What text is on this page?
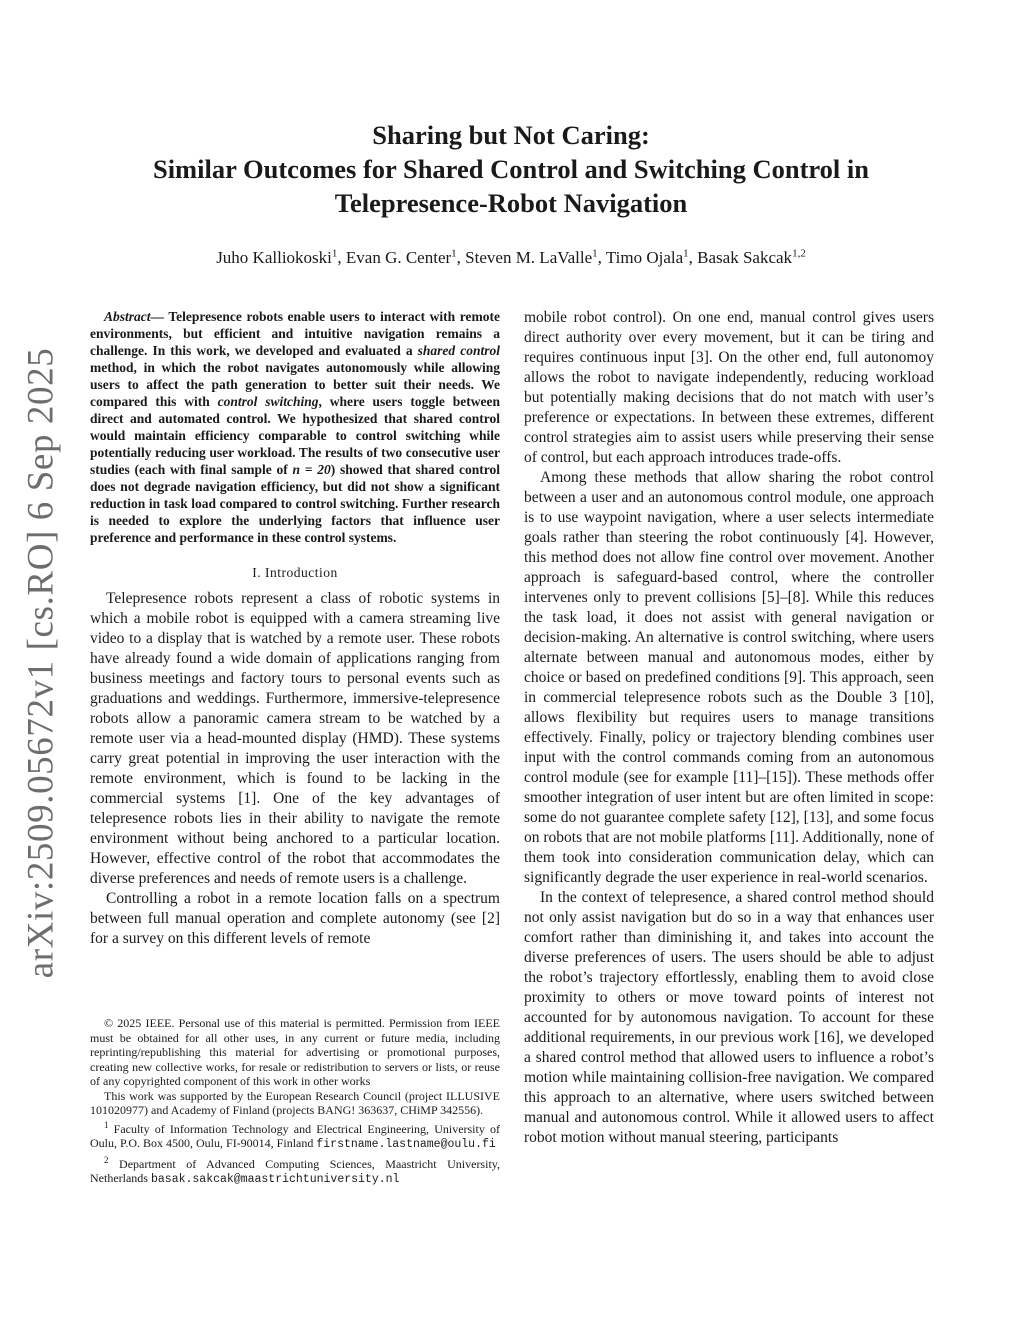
arXiv:2509.05672v1 [cs.RO] 6 Sep 2025
Sharing but Not Caring:
Similar Outcomes for Shared Control and Switching Control in
Telepresence-Robot Navigation
Juho Kalliokoski$^1$, Evan G. Center$^1$, Steven M. LaValle$^1$, Timo Ojala$^1$, Basak Sakcak$^{1,2}$

Abstract— Telepresence robots enable users to interact with remote environments, but efficient and intuitive navigation remains a challenge. In this work, we developed and evaluated a shared control method, in which the robot navigates autonomously while allowing users to affect the path generation to better suit their needs. We compared this with control switching, where users toggle between direct and automated control. We hypothesized that shared control would maintain efficiency comparable to control switching while potentially reducing user workload. The results of two consecutive user studies (each with final sample of n = 20) showed that shared control does not degrade navigation efficiency, but did not show a significant reduction in task load compared to control switching. Further research is needed to explore the underlying factors that influence user preference and performance in these control systems.

I. Introduction

Telepresence robots represent a class of robotic systems in which a mobile robot is equipped with a camera streaming live video to a display that is watched by a remote user. These robots have already found a wide domain of applications ranging from business meetings and factory tours to personal events such as graduations and weddings. Furthermore, immersive-telepresence robots allow a panoramic camera stream to be watched by a remote user via a head-mounted display (HMD). These systems carry great potential in improving the user interaction with the remote environment, which is found to be lacking in the commercial systems [1]. One of the key advantages of telepresence robots lies in their ability to navigate the remote environment without being anchored to a particular location. However, effective control of the robot that accommodates the diverse preferences and needs of remote users is a challenge.

Controlling a robot in a remote location falls on a spectrum between full manual operation and complete autonomy (see [2] for a survey on this different levels of remote

© 2025 IEEE. Personal use of this material is permitted. Permission from IEEE must be obtained for all other uses, in any current or future media, including reprinting/republishing this material for advertising or promotional purposes, creating new collective works, for resale or redistribution to servers or lists, or reuse of any copyrighted component of this work in other works

This work was supported by the European Research Council (project ILLUSIVE 101020977) and Academy of Finland (projects BANG! 363637, CHiMP 342556).

$^1$ Faculty of Information Technology and Electrical Engineering, University of Oulu, P.O. Box 4500, Oulu, FI-90014, Finland firstname.lastname@oulu.fi

$^2$ Department of Advanced Computing Sciences, Maastricht University, Netherlands basak.sakcak@maastrichtuniversity.nl

mobile robot control). On one end, manual control gives users direct authority over every movement, but it can be tiring and requires continuous input [3]. On the other end, full autonomoy allows the robot to navigate independently, reducing workload but potentially making decisions that do not match with user’s preference or expectations. In between these extremes, different control strategies aim to assist users while preserving their sense of control, but each approach introduces trade-offs.

Among these methods that allow sharing the robot control between a user and an autonomous control module, one approach is to use waypoint navigation, where a user selects intermediate goals rather than steering the robot continuously [4]. However, this method does not allow fine control over movement. Another approach is safeguard-based control, where the controller intervenes only to prevent collisions [5]–[8]. While this reduces the task load, it does not assist with general navigation or decision-making. An alternative is control switching, where users alternate between manual and autonomous modes, either by choice or based on predefined conditions [9]. This approach, seen in commercial telepresence robots such as the Double 3 [10], allows flexibility but requires users to manage transitions effectively. Finally, policy or trajectory blending combines user input with the control commands coming from an autonomous control module (see for example [11]–[15]). These methods offer smoother integration of user intent but are often limited in scope: some do not guarantee complete safety [12], [13], and some focus on robots that are not mobile platforms [11]. Additionally, none of them took into consideration communication delay, which can significantly degrade the user experience in real-world scenarios.

In the context of telepresence, a shared control method should not only assist navigation but do so in a way that enhances user comfort rather than diminishing it, and takes into account the diverse preferences of users. The users should be able to adjust the robot’s trajectory effortlessly, enabling them to avoid close proximity to others or move toward points of interest not accounted for by autonomous navigation. To account for these additional requirements, in our previous work [16], we developed a shared control method that allowed users to influence a robot’s motion while maintaining collision-free navigation. We compared this approach to an alternative, where users switched between manual and autonomous control. While it allowed users to affect robot motion without manual steering, participants
